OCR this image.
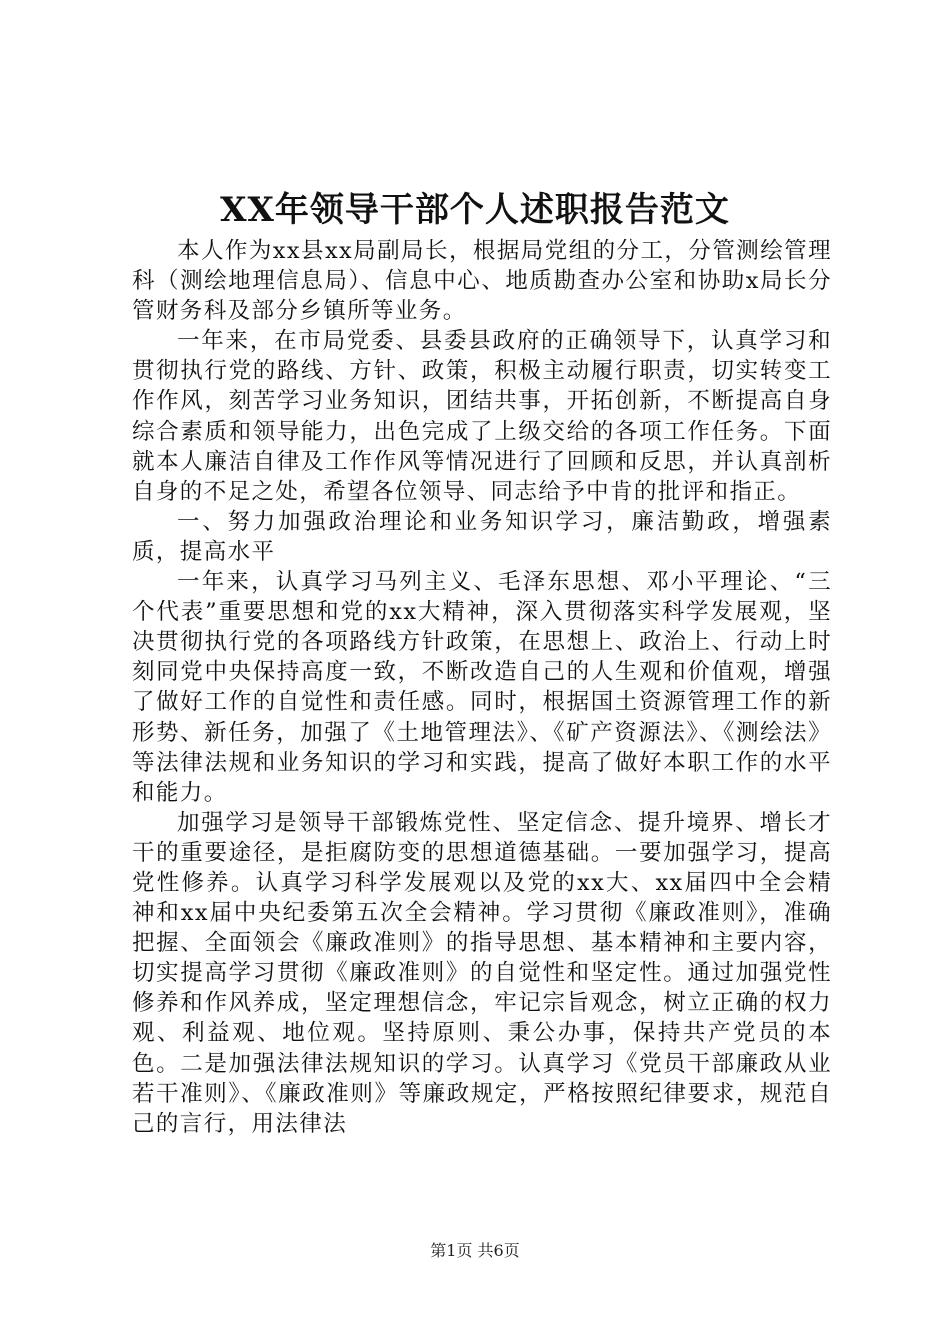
XX年领导干部个人述职报告范文

本人作为xx县xx局副局长，根据局党组的分工，分管测绘管理科（测绘地理信息局）、信息中心、地质勘查办公室和协助x局长分管财务科及部分乡镇所等业务。

一年来，在市局党委、县委县政府的正确领导下，认真学习和贯彻执行党的路线、方针、政策，积极主动履行职责，切实转变工作作风，刻苦学习业务知识，团结共事，开拓创新，不断提高自身综合素质和领导能力，出色完成了上级交给的各项工作任务。下面就本人廉洁自律及工作作风等情况进行了回顾和反思，并认真剖析自身的不足之处，希望各位领导、同志给予中肯的批评和指正。

一、努力加强政治理论和业务知识学习，廉洁勤政，增强素质，提高水平

一年来，认真学习马列主义、毛泽东思想、邓小平理论、“三个代表”重要思想和党的xx大精神，深入贯彻落实科学发展观，坚决贯彻执行党的各项路线方针政策，在思想上、政治上、行动上时刻同党中央保持高度一致，不断改造自己的人生观和价值观，增强了做好工作的自觉性和责任感。同时，根据国土资源管理工作的新形势、新任务，加强了《土地管理法》、《矿产资源法》、《测绘法》等法律法规和业务知识的学习和实践，提高了做好本职工作的水平和能力。

加强学习是领导干部锻炼党性、坚定信念、提升境界、增长才干的重要途径，是拒腐防变的思想道德基础。一要加强学习，提高党性修养。认真学习科学发展观以及党的xx大、xx届四中全会精神和xx届中央纪委第五次全会精神。学习贯彻《廉政准则》，准确把握、全面领会《廉政准则》的指导思想、基本精神和主要内容，切实提高学习贯彻《廉政准则》的自觉性和坚定性。通过加强党性修养和作风养成，坚定理想信念，牢记宗旨观念，树立正确的权力观、利益观、地位观。坚持原则、秉公办事，保持共产党员的本色。二是加强法律法规知识的学习。认真学习《党员干部廉政从业若干准则》、《廉政准则》等廉政规定，严格按照纪律要求，规范自己的言行，用法律法

第1页 共6页
